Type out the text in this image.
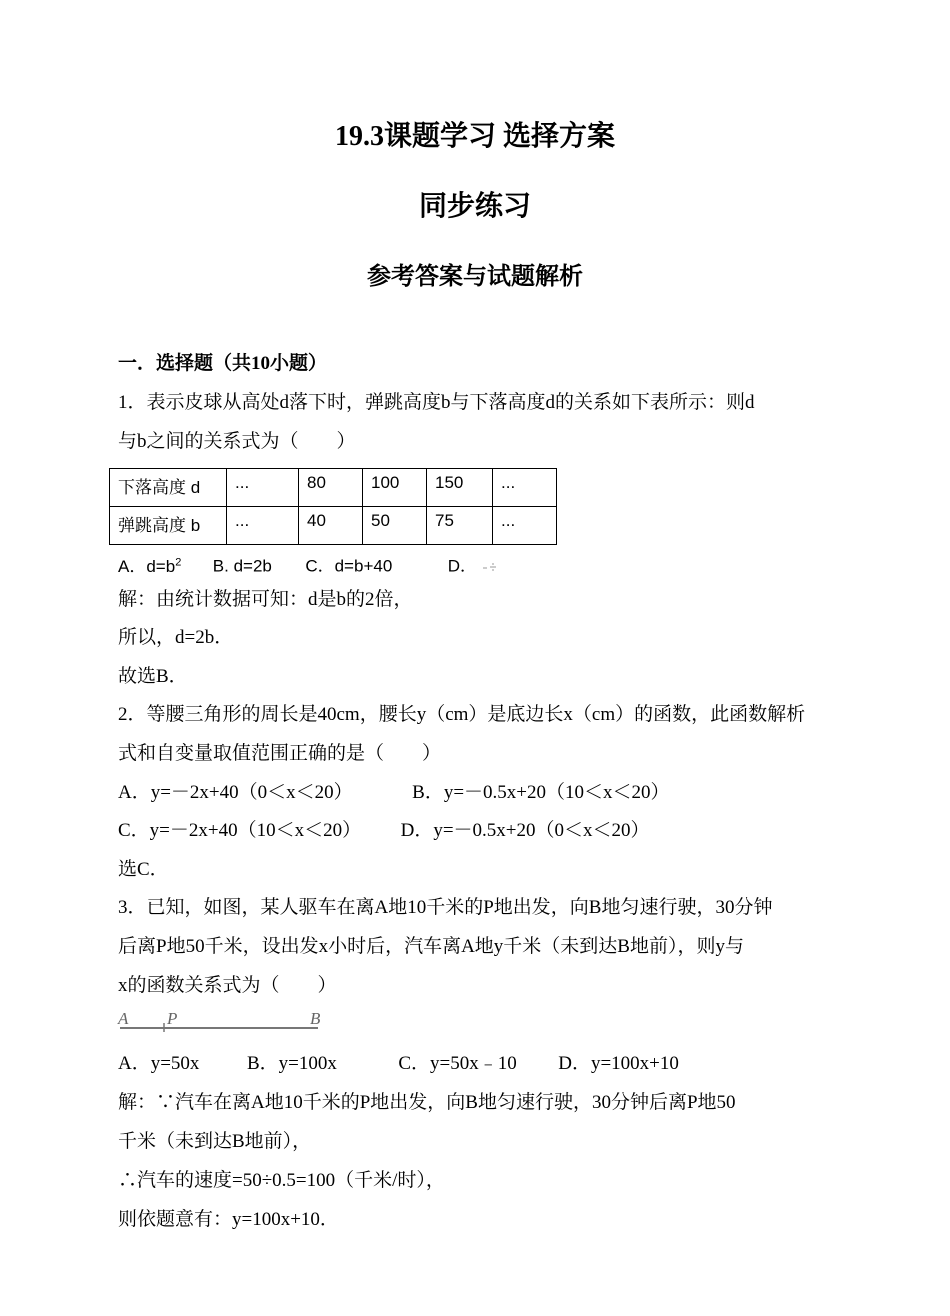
19.3课题学习 选择方案
同步练习
参考答案与试题解析

一．选择题（共10小题）

1．表示皮球从高处d落下时，弹跳高度b与下落高度d的关系如下表所示：则d

与b之间的关系式为（　　）

下落高度 d	...	80	100	150	...
弹跳高度 b	...	40	50	75	...

A．$d=b^2$ B. d=2b C．d=b+40	D．

解：由统计数据可知：d是b的2倍，

所以，d=2b．

故选B．

2．等腰三角形的周长是40cm，腰长y（cm）是底边长x（cm）的函数，此函数解析

式和自变量取值范围正确的是（　　）

A．y=－2x+40（0＜x＜20）	B．y=－0.5x+20（10＜x＜20）

C．y=－2x+40（10＜x＜20） D．y=－0.5x+20（0＜x＜20）

选C．

3．已知，如图，某人驱车在离A地10千米的P地出发，向B地匀速行驶，30分钟

后离P地50千米，设出发x小时后，汽车离A地y千米（未到达B地前），则y与

x的函数关系式为（　　）

A P	B

A．y=50x	B．y=100x	C．y=50x﹣10 D．y=100x+10

解：∵汽车在离A地10千米的P地出发，向B地匀速行驶，30分钟后离P地50

千米（未到达B地前），

∴汽车的速度=50÷0.5=100（千米/时），

则依题意有：y=100x+10．
